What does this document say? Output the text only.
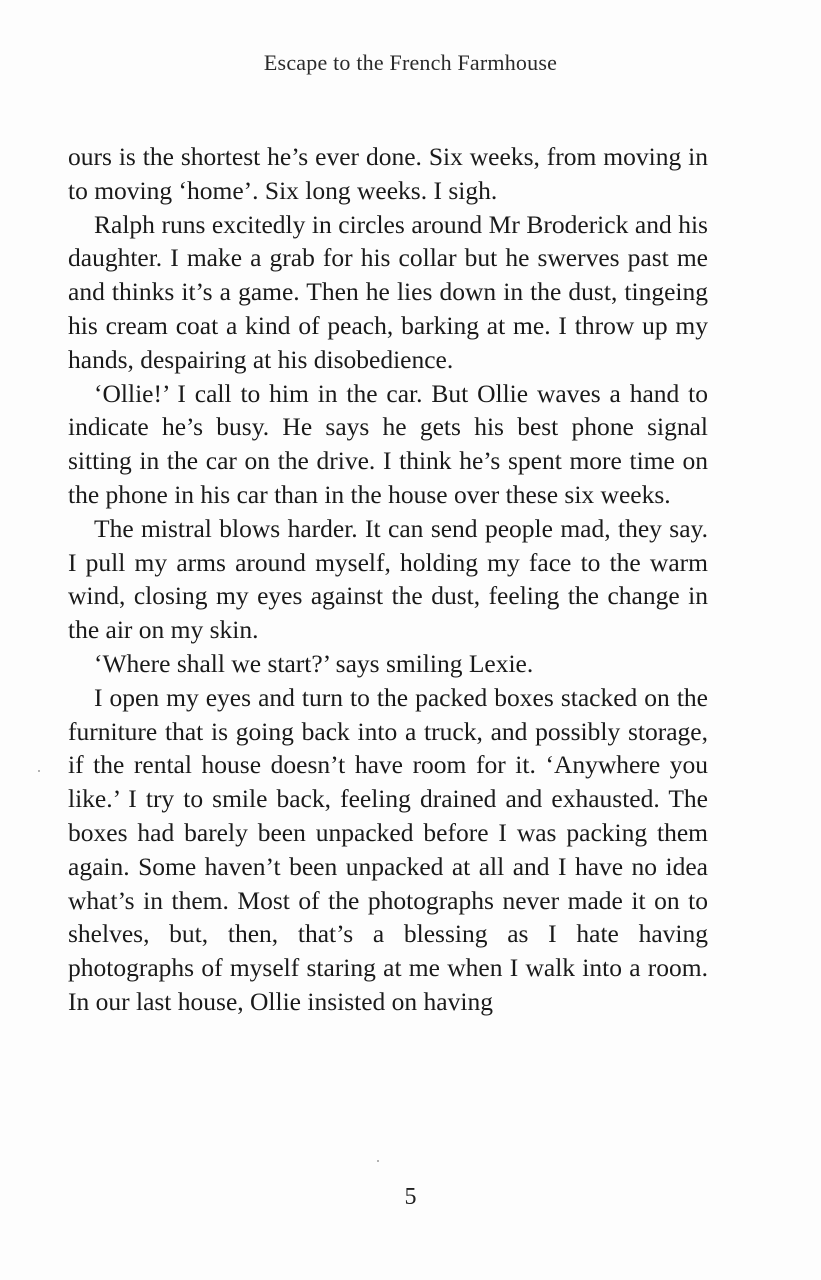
Escape to the French Farmhouse

ours is the shortest he’s ever done. Six weeks, from moving in to moving ‘home’. Six long weeks. I sigh.

Ralph runs excitedly in circles around Mr Broderick and his daughter. I make a grab for his collar but he swerves past me and thinks it’s a game. Then he lies down in the dust, tingeing his cream coat a kind of peach, barking at me. I throw up my hands, despairing at his disobedience.

‘Ollie!’ I call to him in the car. But Ollie waves a hand to indicate he’s busy. He says he gets his best phone signal sitting in the car on the drive. I think he’s spent more time on the phone in his car than in the house over these six weeks.

The mistral blows harder. It can send people mad, they say. I pull my arms around myself, holding my face to the warm wind, closing my eyes against the dust, feeling the change in the air on my skin.

‘Where shall we start?’ says smiling Lexie.

I open my eyes and turn to the packed boxes stacked on the furniture that is going back into a truck, and possibly storage, if the rental house doesn’t have room for it. ‘Anywhere you like.’ I try to smile back, feeling drained and exhausted. The boxes had barely been unpacked before I was packing them again. Some haven’t been unpacked at all and I have no idea what’s in them. Most of the photographs never made it on to shelves, but, then, that’s a blessing as I hate having photographs of myself staring at me when I walk into a room. In our last house, Ollie insisted on having

5
